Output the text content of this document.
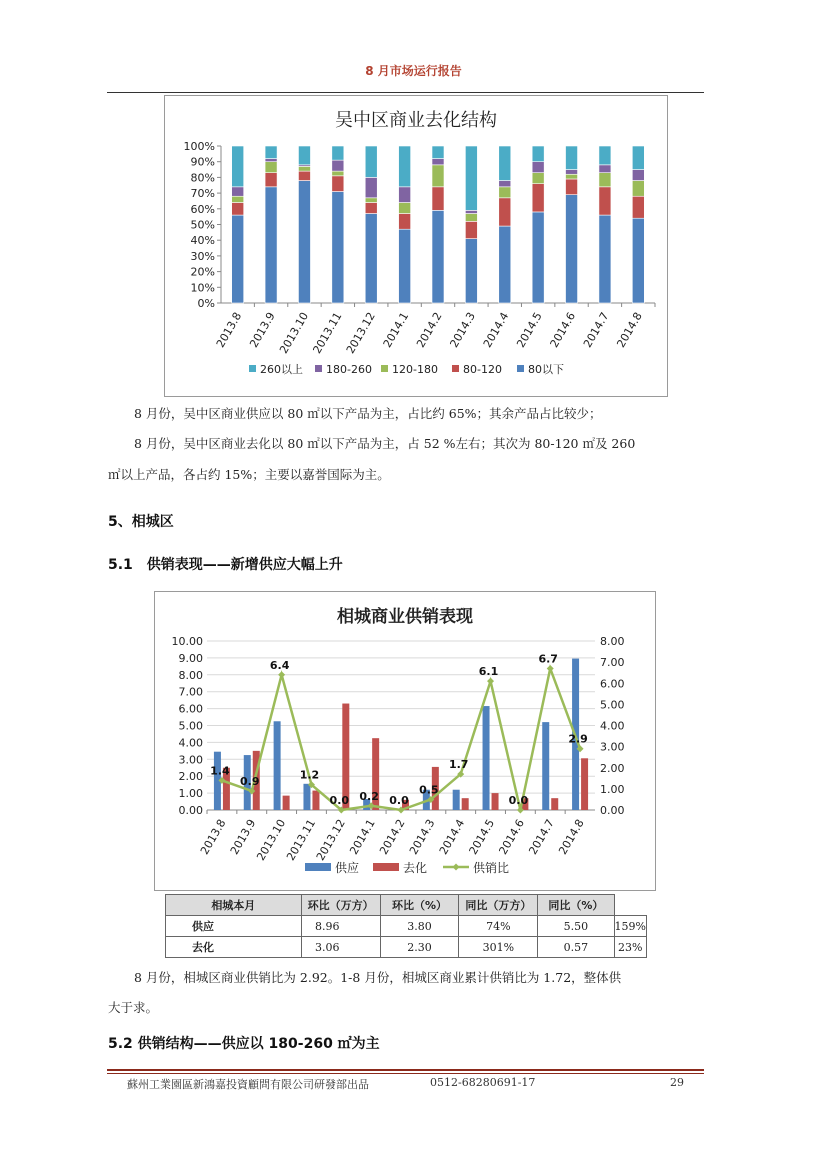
8 月市场运行报告
吴中区商业去化结构
0%
10%
20%
30%
40%
50%
60%
70%
80%
90%
100%
2013.8 2013.9 2013.10 2013.11 2013.12 2014.1 2014.2 2014.3 2014.4 2014.5 2014.6 2014.7 2014.8
260以上 180-260 120-180 80-120 80以下
8 月份，吴中区商业供应以 80 ㎡以下产品为主，占比约 65%；其余产品占比较少；
8 月份，吴中区商业去化以 80 ㎡以下产品为主，占 52 %左右；其次为 80-120 ㎡及 260
㎡以上产品，各占约 15%；主要以嘉誉国际为主。
5、相城区
5.1　供销表现——新增供应大幅上升
相城商业供销表现
0.00
1.00
2.00
3.00
4.00
5.00
6.00
7.00
8.00
9.00
10.00
0.00
1.00
2.00
3.00
4.00
5.00
6.00
7.00
8.00
2013.8 2013.9
2013.10
2013.11
2013.12 2014.1 2014.2 2014.3 2014.4 2014.5 2014.6 2014.7 2014.8
1.4
0.9
6.4
1.2
0.0 0.2 0.0
0.5
1.7
6.1
0.0
6.7
2.9
供应	去化	供销比
相城本月	环比（万方）	环比（%）	同比（万方）	同比（%）	
供应	8.96	3.80	74%	5.50	159%
去化	3.06	2.30	301%	0.57	23%
8 月份，相城区商业供销比为 2.92。1-8 月份，相城区商业累计供销比为 1.72，整体供
大于求。
5.2 供销结构——供应以 180-260 ㎡为主
蘇州工業園區新鴻嘉投資顧問有限公司研發部出品	0512-68280691-17	29
